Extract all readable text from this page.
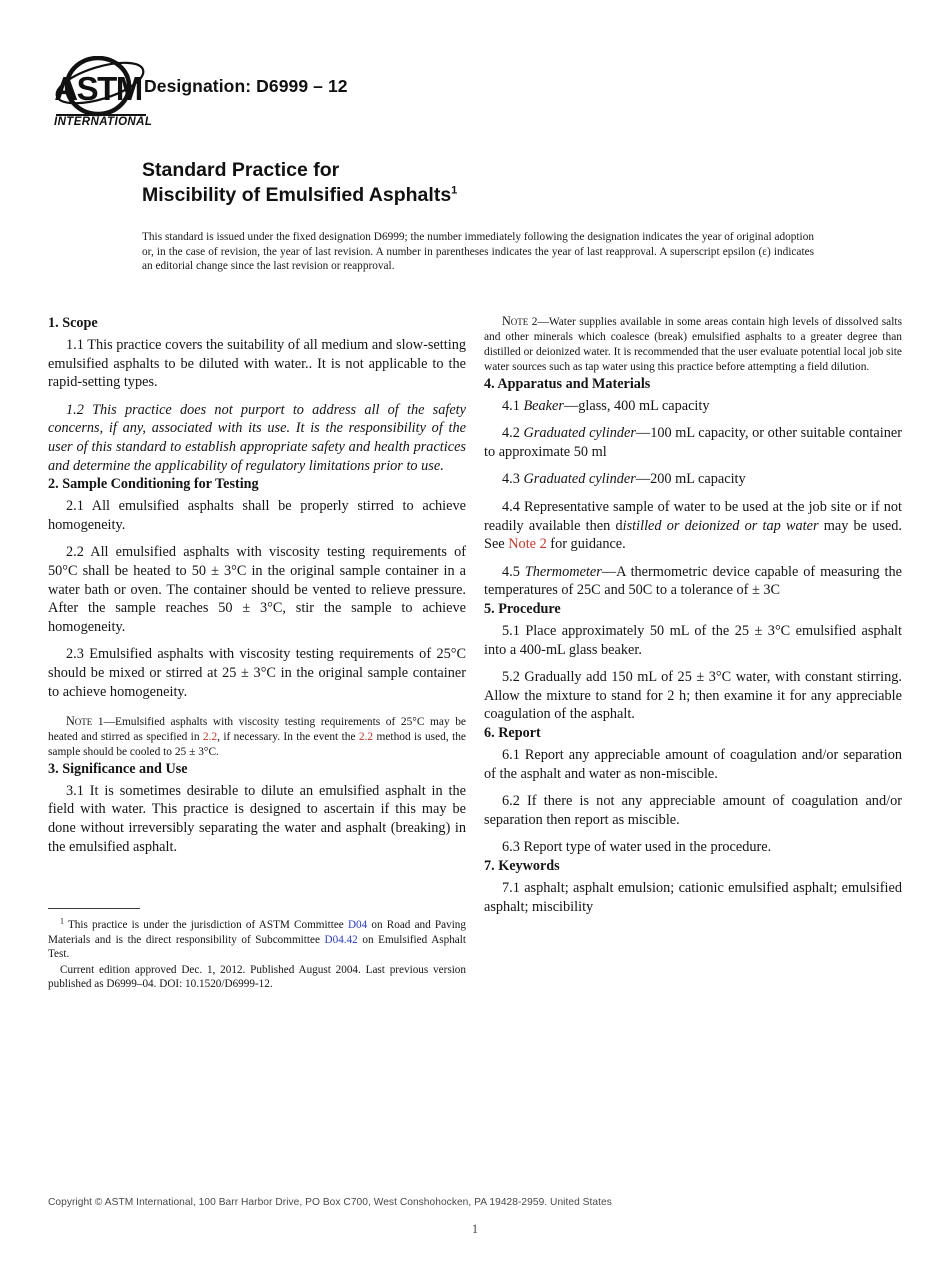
ASTM
INTERNATIONAL
Designation: D6999 – 12
Standard Practice for
Miscibility of Emulsified Asphalts$^1$
This standard is issued under the fixed designation D6999; the number immediately following the designation indicates the year of original adoption or, in the case of revision, the year of last revision. A number in parentheses indicates the year of last reapproval. A superscript epsilon (ε) indicates an editorial change since the last revision or reapproval.
1. Scope

1.1 This practice covers the suitability of all medium and slow-setting emulsified asphalts to be diluted with water.. It is not applicable to the rapid-setting types.

1.2 This practice does not purport to address all of the safety concerns, if any, associated with its use. It is the responsibility of the user of this standard to establish appropriate safety and health practices and determine the applicability of regulatory limitations prior to use.

2. Sample Conditioning for Testing

2.1 All emulsified asphalts shall be properly stirred to achieve homogeneity.

2.2 All emulsified asphalts with viscosity testing requirements of 50°C shall be heated to 50 ± 3°C in the original sample container in a water bath or oven. The container should be vented to relieve pressure. After the sample reaches 50 ± 3°C, stir the sample to achieve homogeneity.

2.3 Emulsified asphalts with viscosity testing requirements of 25°C should be mixed or stirred at 25 ± 3°C in the original sample container to achieve homogeneity.

Note 1—Emulsified asphalts with viscosity testing requirements of 25°C may be heated and stirred as specified in 2.2, if necessary. In the event the 2.2 method is used, the sample should be cooled to 25 ± 3°C.

3. Significance and Use

3.1 It is sometimes desirable to dilute an emulsified asphalt in the field with water. This practice is designed to ascertain if this may be done without irreversibly separating the water and asphalt (breaking) in the emulsified asphalt.

Note 2—Water supplies available in some areas contain high levels of dissolved salts and other minerals which coalesce (break) emulsified asphalts to a greater degree than distilled or deionized water. It is recommended that the user evaluate potential local job site water sources such as tap water using this practice before attempting a field dilution.

4. Apparatus and Materials

4.1 Beaker—glass, 400 mL capacity

4.2 Graduated cylinder—100 mL capacity, or other suitable container to approximate 50 ml

4.3 Graduated cylinder—200 mL capacity

4.4 Representative sample of water to be used at the job site or if not readily available then distilled or deionized or tap water may be used. See Note 2 for guidance.

4.5 Thermometer—A thermometric device capable of measuring the temperatures of 25C and 50C to a tolerance of ± 3C

5. Procedure

5.1 Place approximately 50 mL of the 25 ± 3°C emulsified asphalt into a 400-mL glass beaker.

5.2 Gradually add 150 mL of 25 ± 3°C water, with constant stirring. Allow the mixture to stand for 2 h; then examine it for any appreciable coagulation of the asphalt.

6. Report

6.1 Report any appreciable amount of coagulation and/or separation of the asphalt and water as non-miscible.

6.2 If there is not any appreciable amount of coagulation and/or separation then report as miscible.

6.3 Report type of water used in the procedure.

7. Keywords

7.1 asphalt; asphalt emulsion; cationic emulsified asphalt; emulsified asphalt; miscibility

$^1$ This practice is under the jurisdiction of ASTM Committee D04 on Road and Paving Materials and is the direct responsibility of Subcommittee D04.42 on Emulsified Asphalt Test.

Current edition approved Dec. 1, 2012. Published August 2004. Last previous version published as D6999–04. DOI: 10.1520/D6999-12.

Copyright © ASTM International, 100 Barr Harbor Drive, PO Box C700, West Conshohocken, PA 19428-2959. United States
1
